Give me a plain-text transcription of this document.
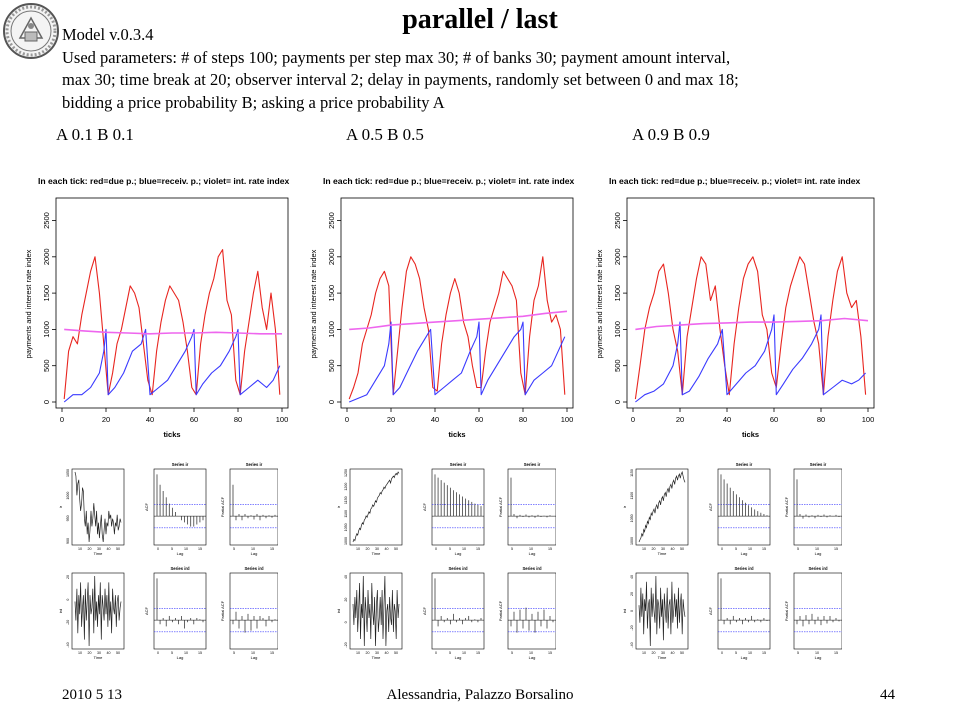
parallel / last
Model v.0.3.4
Used parameters: # of steps 100; payments per step max 30; # of banks 30; payment amount interval,
max 30; time break at 20; observer interval 2; delay in payments, randomly set between 0 and max 18;
bidding a price probability B; asking a price probability A
A 0.1 B 0.1	A 0.5 B 0.5	A 0.9 B 0.9
In each tick: red=due p.; blue=receiv. p.; violet= int. rate index
0
500
1000
1500
2000
2500
payments and interest rate index
0	20	40	60	80	100
ticks
In each tick: red=due p.; blue=receiv. p.; violet= int. rate index
0
500
1000
1500
2000
2500
payments and interest rate index
0	20	40	60	80	100
ticks
In each tick: red=due p.; blue=receiv. p.; violet= int. rate index
0
500
1000
1500
2000
2500
payments and interest rate index
0	20	40	60	80	100
ticks
1050
1000
950
900
10 20 30 40 50
ir
Time
Series ir
0	5	10	15
ACF
Lag
Series ir
5	10	15
Partial ACF
Lag
20
0
-20
-40
10 20 30 40 50
ird
Time
Series ird
0	5	10	15
ACF
Lag
Series ird
5	10	15
Partial ACF
Lag
1250
1200
1150
1100
1050
1000
10 20 30 40 50
ir
Time
Series ir
0	5	10	15
ACF
Lag
Series ir
5	10	15
Partial ACF
Lag
40
20
0
-20
10 20 30 40 50
ird
Time
Series ird
0	5	10	15
ACF
Lag
Series ird
5	10	15
Partial ACF
Lag
1150
1100
1050
1000
10 20 30 40 50
ir
Time
Series ir
0	5	10	15
ACF
Lag
Series ir
5	10	15
Partial ACF
Lag
40
20
0
-20
-40
10 20 30 40 50
ird
Time
Series ird
0	5	10	15
ACF
Lag
Series ird
5	10	15
Partial ACF
Lag
2010 5 13	Alessandria, Palazzo Borsalino	44
